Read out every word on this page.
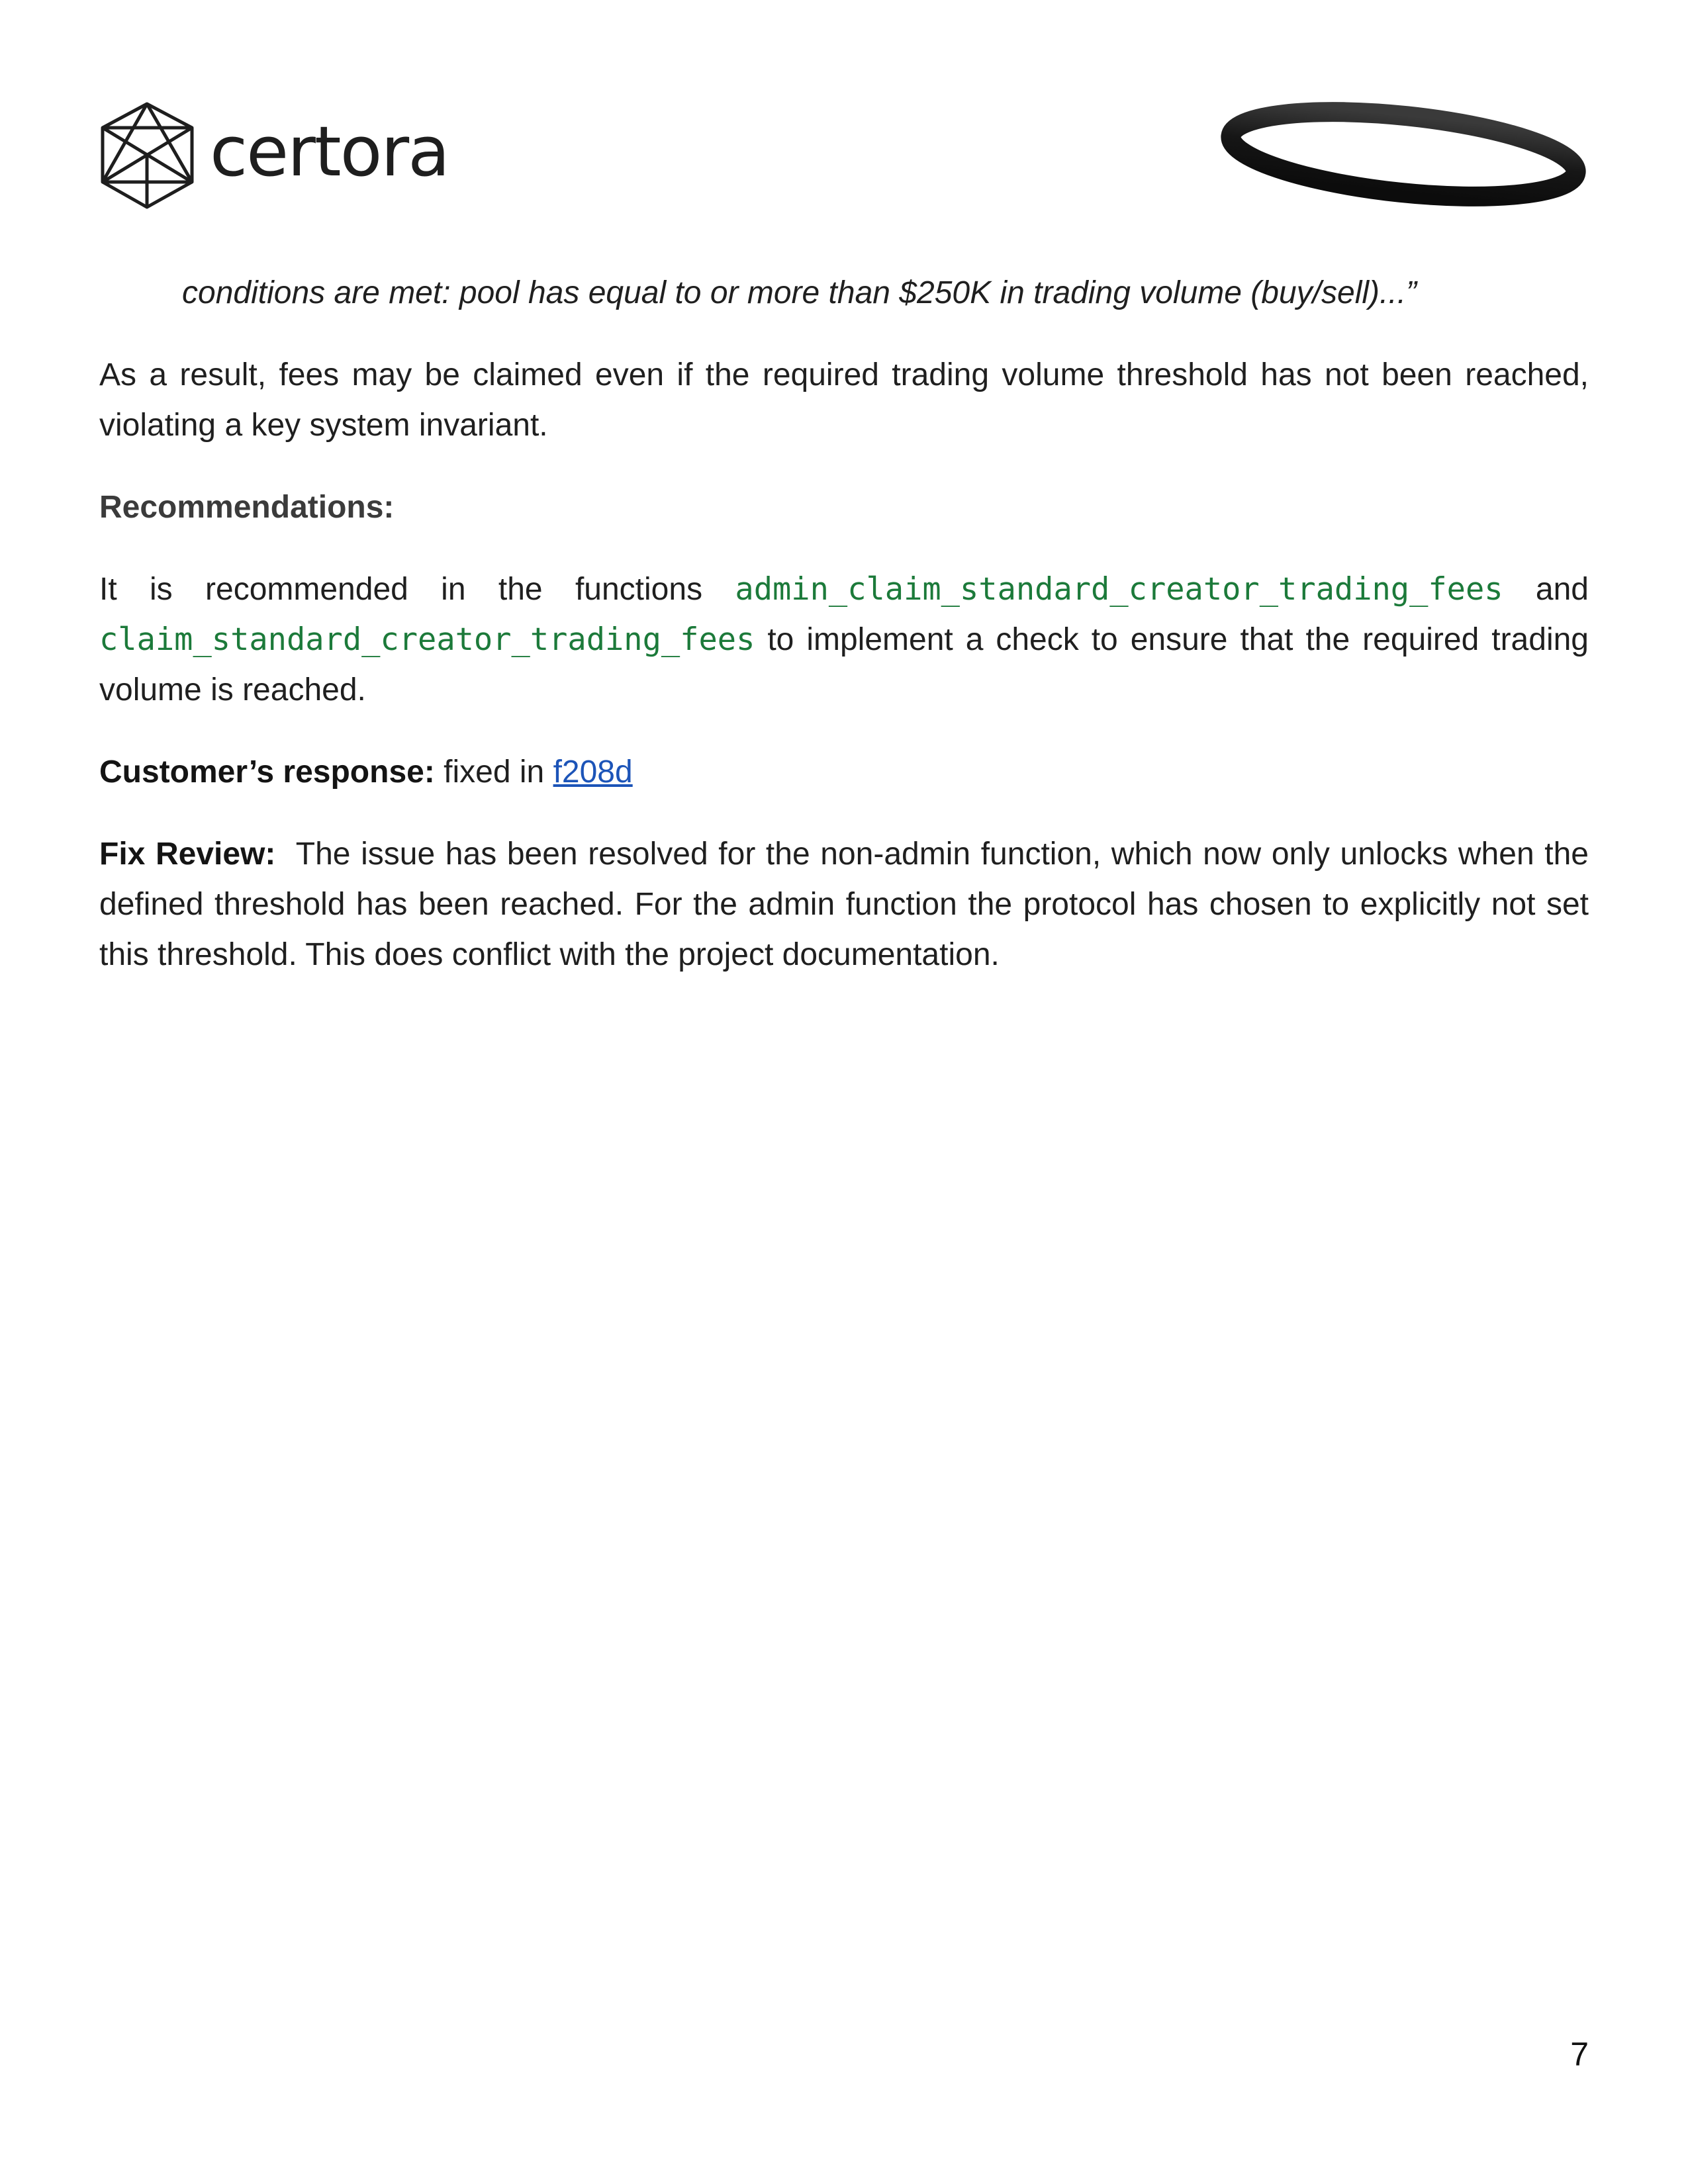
certora

conditions are met: pool has equal to or more than $250K in trading volume (buy/sell)...”

As a result, fees may be claimed even if the required trading volume threshold has not been reached, violating a key system invariant.

Recommendations:

It is recommended in the functions admin_claim_standard_creator_trading_fees and claim_standard_creator_trading_fees to implement a check to ensure that the required trading volume is reached.

Customer’s response: fixed in f208d

Fix Review:  The issue has been resolved for the non-admin function, which now only unlocks when the defined threshold has been reached. For the admin function the protocol has chosen to explicitly not set this threshold. This does conflict with the project documentation.

7
